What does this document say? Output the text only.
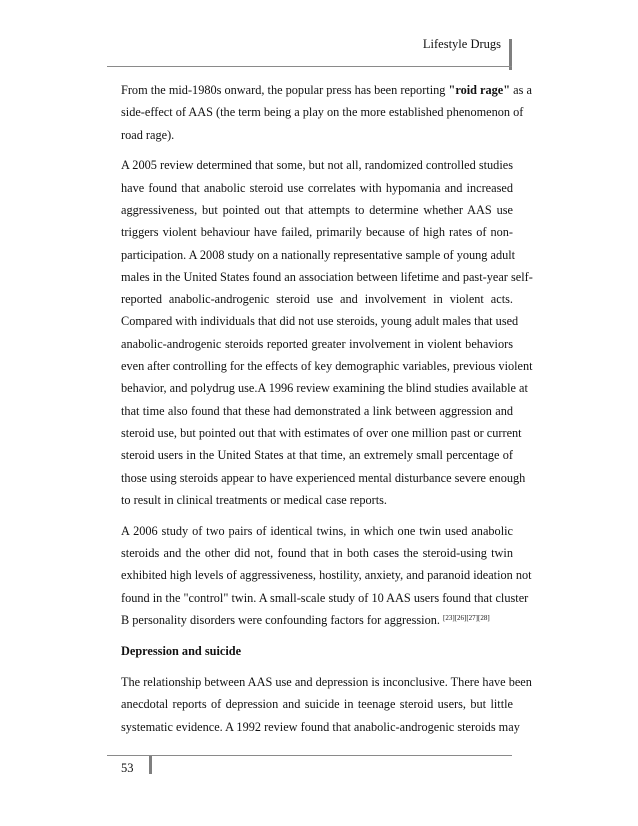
Lifestyle Drugs

From the mid-1980s onward, the popular press has been reporting "roid rage" as a
side-effect of AAS (the term being a play on the more established phenomenon of
road rage).

A 2005 review determined that some, but not all, randomized controlled studies
have found that anabolic steroid use correlates with hypomania and increased
aggressiveness, but pointed out that attempts to determine whether AAS use
triggers violent behaviour have failed, primarily because of high rates of non-
participation. A 2008 study on a nationally representative sample of young adult
males in the United States found an association between lifetime and past-year self-
reported anabolic-androgenic steroid use and involvement in violent acts.
Compared with individuals that did not use steroids, young adult males that used
anabolic-androgenic steroids reported greater involvement in violent behaviors
even after controlling for the effects of key demographic variables, previous violent
behavior, and polydrug use.A 1996 review examining the blind studies available at
that time also found that these had demonstrated a link between aggression and
steroid use, but pointed out that with estimates of over one million past or current
steroid users in the United States at that time, an extremely small percentage of
those using steroids appear to have experienced mental disturbance severe enough
to result in clinical treatments or medical case reports.

A 2006 study of two pairs of identical twins, in which one twin used anabolic
steroids and the other did not, found that in both cases the steroid-using twin
exhibited high levels of aggressiveness, hostility, anxiety, and paranoid ideation not
found in the "control" twin. A small-scale study of 10 AAS users found that cluster
B personality disorders were confounding factors for aggression. [23][26][27][28]

Depression and suicide

The relationship between AAS use and depression is inconclusive. There have been
anecdotal reports of depression and suicide in teenage steroid users, but little
systematic evidence. A 1992 review found that anabolic-androgenic steroids may

53
